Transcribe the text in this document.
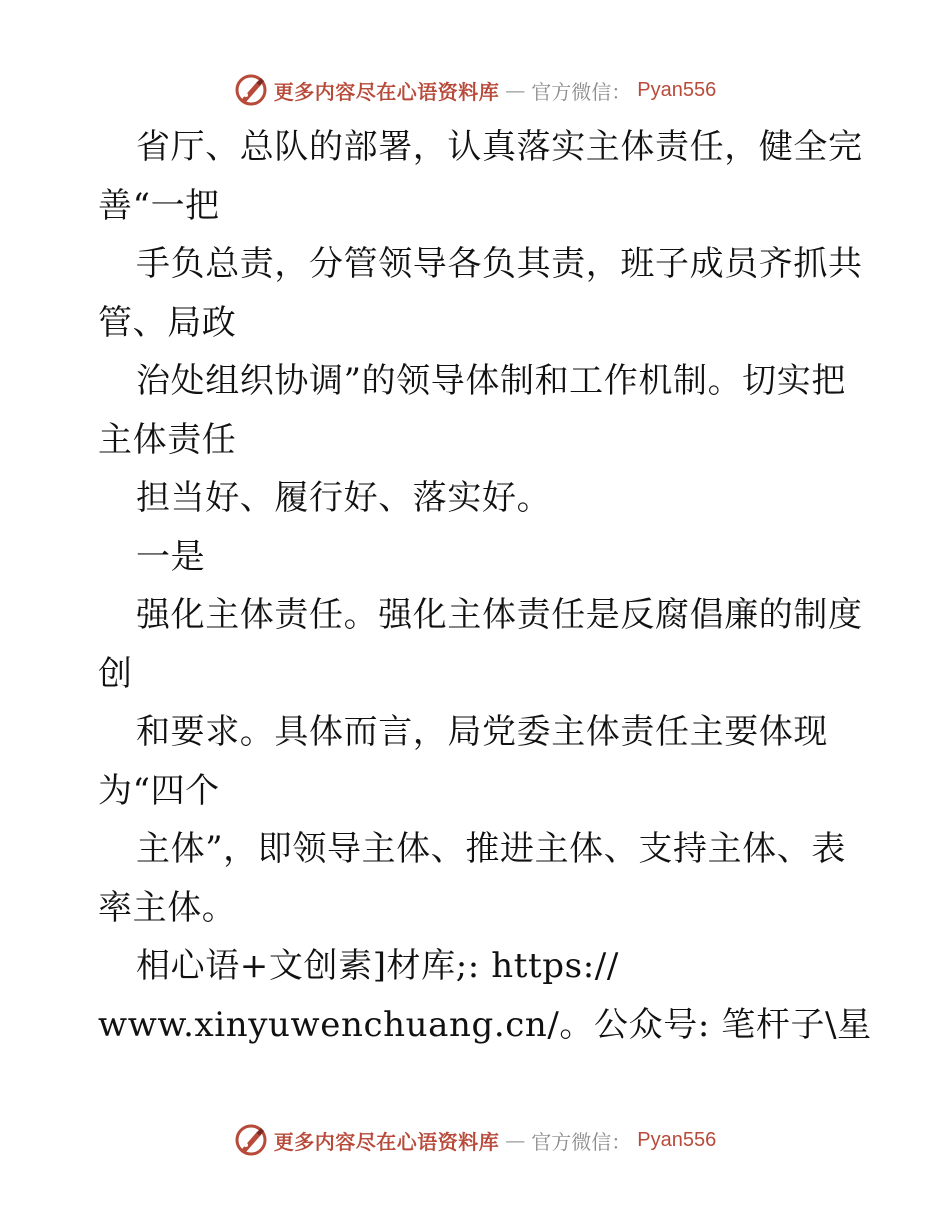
更多内容尽在心语资料库 — 官方微信： Pyan556
省厅、总队的部署，认真落实主体责任，健全完
善“一把
手负总责，分管领导各负其责，班子成员齐抓共
管、局政
治处组织协调”的领导体制和工作机制。切实把
主体责任
担当好、履行好、落实好。
一是
强化主体责任。强化主体责任是反腐倡廉的制度
创
和要求。具体而言，局党委主体责任主要体现
为“四个
主体”，即领导主体、推进主体、支持主体、表
率主体。
相心语+文创素]材库;: https://
www.xinyuwenchuang.cn/。公众号: 笔杆子\星
更多内容尽在心语资料库 — 官方微信： Pyan556
